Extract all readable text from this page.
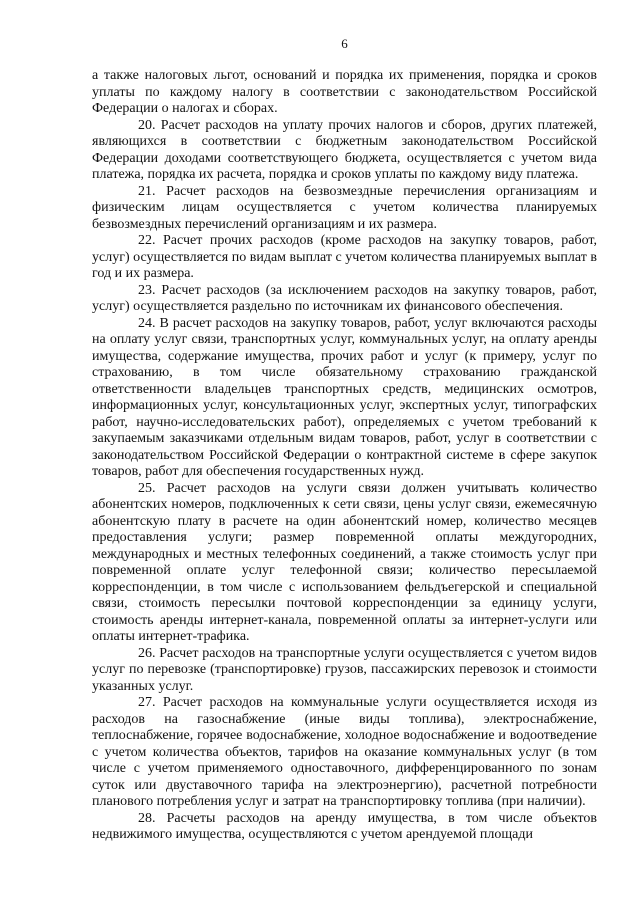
6

а также налоговых льгот, оснований и порядка их применения, порядка и сроков уплаты по каждому налогу в соответствии с законодательством Российской Федерации о налогах и сборах.

20. Расчет расходов на уплату прочих налогов и сборов, других платежей, являющихся в соответствии с бюджетным законодательством Российской Федерации доходами соответствующего бюджета, осуществляется с учетом вида платежа, порядка их расчета, порядка и сроков уплаты по каждому виду платежа.

21. Расчет расходов на безвозмездные перечисления организациям и физическим лицам осуществляется с учетом количества планируемых безвозмездных перечислений организациям и их размера.

22. Расчет прочих расходов (кроме расходов на закупку товаров, работ, услуг) осуществляется по видам выплат с учетом количества планируемых выплат в год и их размера.

23. Расчет расходов (за исключением расходов на закупку товаров, работ, услуг) осуществляется раздельно по источникам их финансового обеспечения.

24. В расчет расходов на закупку товаров, работ, услуг включаются расходы на оплату услуг связи, транспортных услуг, коммунальных услуг, на оплату аренды имущества, содержание имущества, прочих работ и услуг (к примеру, услуг по страхованию, в том числе обязательному страхованию гражданской ответственности владельцев транспортных средств, медицинских осмотров, информационных услуг, консультационных услуг, экспертных услуг, типографских работ, научно-исследовательских работ), определяемых с учетом требований к закупаемым заказчиками отдельным видам товаров, работ, услуг в соответствии с законодательством Российской Федерации о контрактной системе в сфере закупок товаров, работ для обеспечения государственных нужд.

25. Расчет расходов на услуги связи должен учитывать количество абонентских номеров, подключенных к сети связи, цены услуг связи, ежемесячную абонентскую плату в расчете на один абонентский номер, количество месяцев предоставления услуги; размер повременной оплаты междугородних, международных и местных телефонных соединений, а также стоимость услуг при повременной оплате услуг телефонной связи; количество пересылаемой корреспонденции, в том числе с использованием фельдъегерской и специальной связи, стоимость пересылки почтовой корреспонденции за единицу услуги, стоимость аренды интернет-канала, повременной оплаты за интернет-услуги или оплаты интернет-трафика.

26. Расчет расходов на транспортные услуги осуществляется с учетом видов услуг по перевозке (транспортировке) грузов, пассажирских перевозок и стоимости указанных услуг.

27. Расчет расходов на коммунальные услуги осуществляется исходя из расходов на газоснабжение (иные виды топлива), электроснабжение, теплоснабжение, горячее водоснабжение, холодное водоснабжение и водоотведение с учетом количества объектов, тарифов на оказание коммунальных услуг (в том числе с учетом применяемого одноставочного, дифференцированного по зонам суток или двуставочного тарифа на электроэнергию), расчетной потребности планового потребления услуг и затрат на транспортировку топлива (при наличии).

28. Расчеты расходов на аренду имущества, в том числе объектов недвижимого имущества, осуществляются с учетом арендуемой площади
